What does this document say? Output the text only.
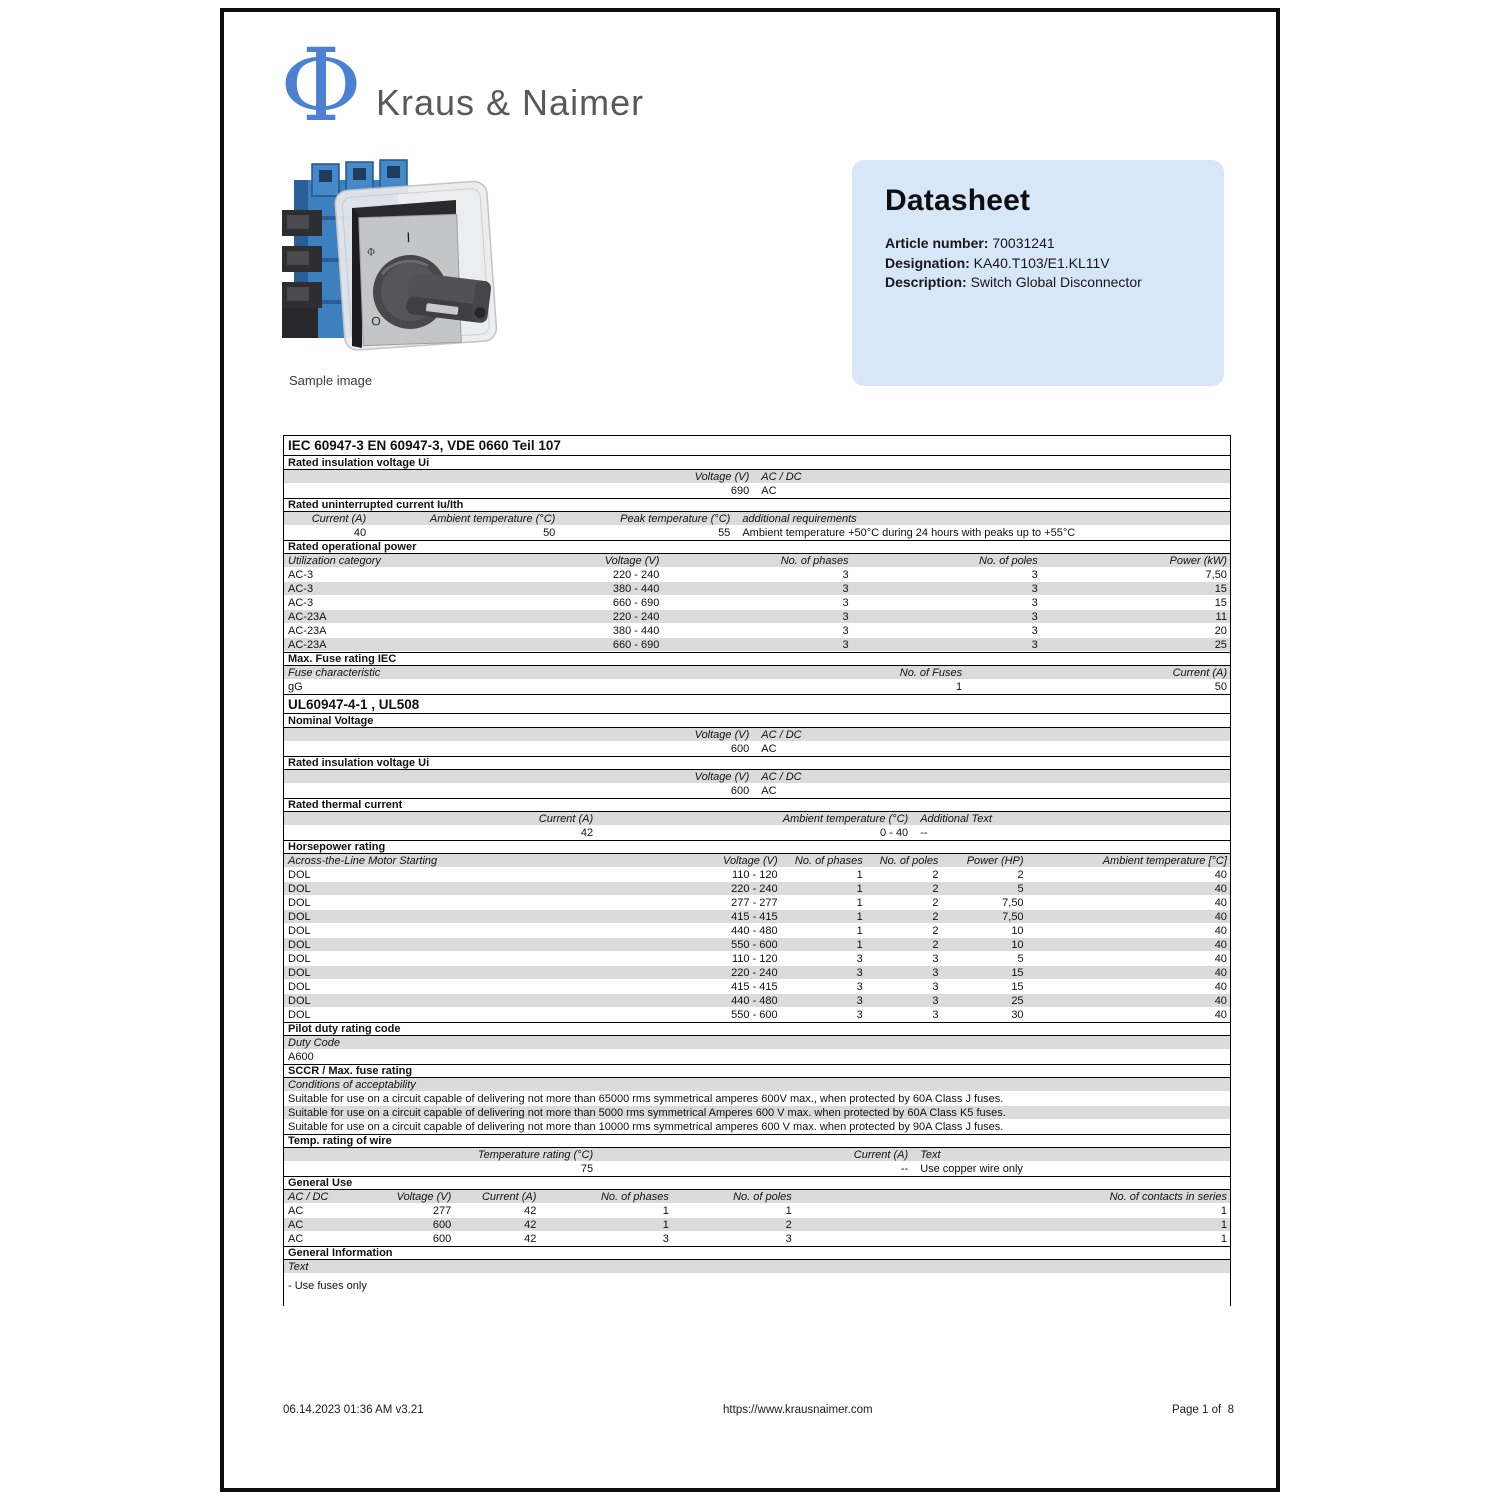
Φ Kraus & Naimer
Φ
I
O
Sample image
Datasheet
Article number: 70031241
Designation: KA40.T103/E1.KL11V
Description: Switch Global Disconnector
IEC 60947-3 EN 60947-3, VDE 0660 Teil 107
Rated insulation voltage Ui
Voltage (V)	AC / DC
690	AC
Rated uninterrupted current Iu/Ith
Current (A)	Ambient temperature (°C)	Peak temperature (°C)	additional requirements
40	50	55	Ambient temperature +50°C during 24 hours with peaks up to +55°C
Rated operational power
Utilization category	Voltage (V)	No. of phases	No. of poles	Power (kW)
AC-3	220 - 240	3	3	7,50
AC-3	380 - 440	3	3	15
AC-3	660 - 690	3	3	15
AC-23A	220 - 240	3	3	11
AC-23A	380 - 440	3	3	20
AC-23A	660 - 690	3	3	25
Max. Fuse rating IEC
Fuse characteristic	No. of Fuses	Current (A)
gG	1	50
UL60947-4-1 , UL508
Nominal Voltage
Voltage (V)	AC / DC
600	AC
Rated insulation voltage Ui
Voltage (V)	AC / DC
600	AC
Rated thermal current
Current (A)	Ambient temperature (°C)	Additional Text
42	0 - 40	--
Horsepower rating
Across-the-Line Motor Starting	Voltage (V)	No. of phases	No. of poles	Power (HP)	Ambient temperature [°C]
DOL	110 - 120	1	2	2	40
DOL	220 - 240	1	2	5	40
DOL	277 - 277	1	2	7,50	40
DOL	415 - 415	1	2	7,50	40
DOL	440 - 480	1	2	10	40
DOL	550 - 600	1	2	10	40
DOL	110 - 120	3	3	5	40
DOL	220 - 240	3	3	15	40
DOL	415 - 415	3	3	15	40
DOL	440 - 480	3	3	25	40
DOL	550 - 600	3	3	30	40
Pilot duty rating code
Duty Code
A600
SCCR / Max. fuse rating
Conditions of acceptability
Suitable for use on a circuit capable of delivering not more than 65000 rms symmetrical amperes 600V max., when protected by 60A Class J fuses.
Suitable for use on a circuit capable of delivering not more than 5000 rms symmetrical Amperes 600 V max. when protected by 60A Class K5 fuses.
Suitable for use on a circuit capable of delivering not more than 10000 rms symmetrical amperes 600 V max. when protected by 90A Class J fuses.
Temp. rating of wire
Temperature rating (°C)	Current (A)	Text
75	--	Use copper wire only
General Use
AC / DC	Voltage (V)	Current (A)	No. of phases	No. of poles	No. of contacts in series
AC	277	42	1	1	1
AC	600	42	1	2	1
AC	600	42	3	3	1
General Information
Text
- Use fuses only
06.14.2023 01:36 AM v3.21	https://www.krausnaimer.com	Page 1 of  8
